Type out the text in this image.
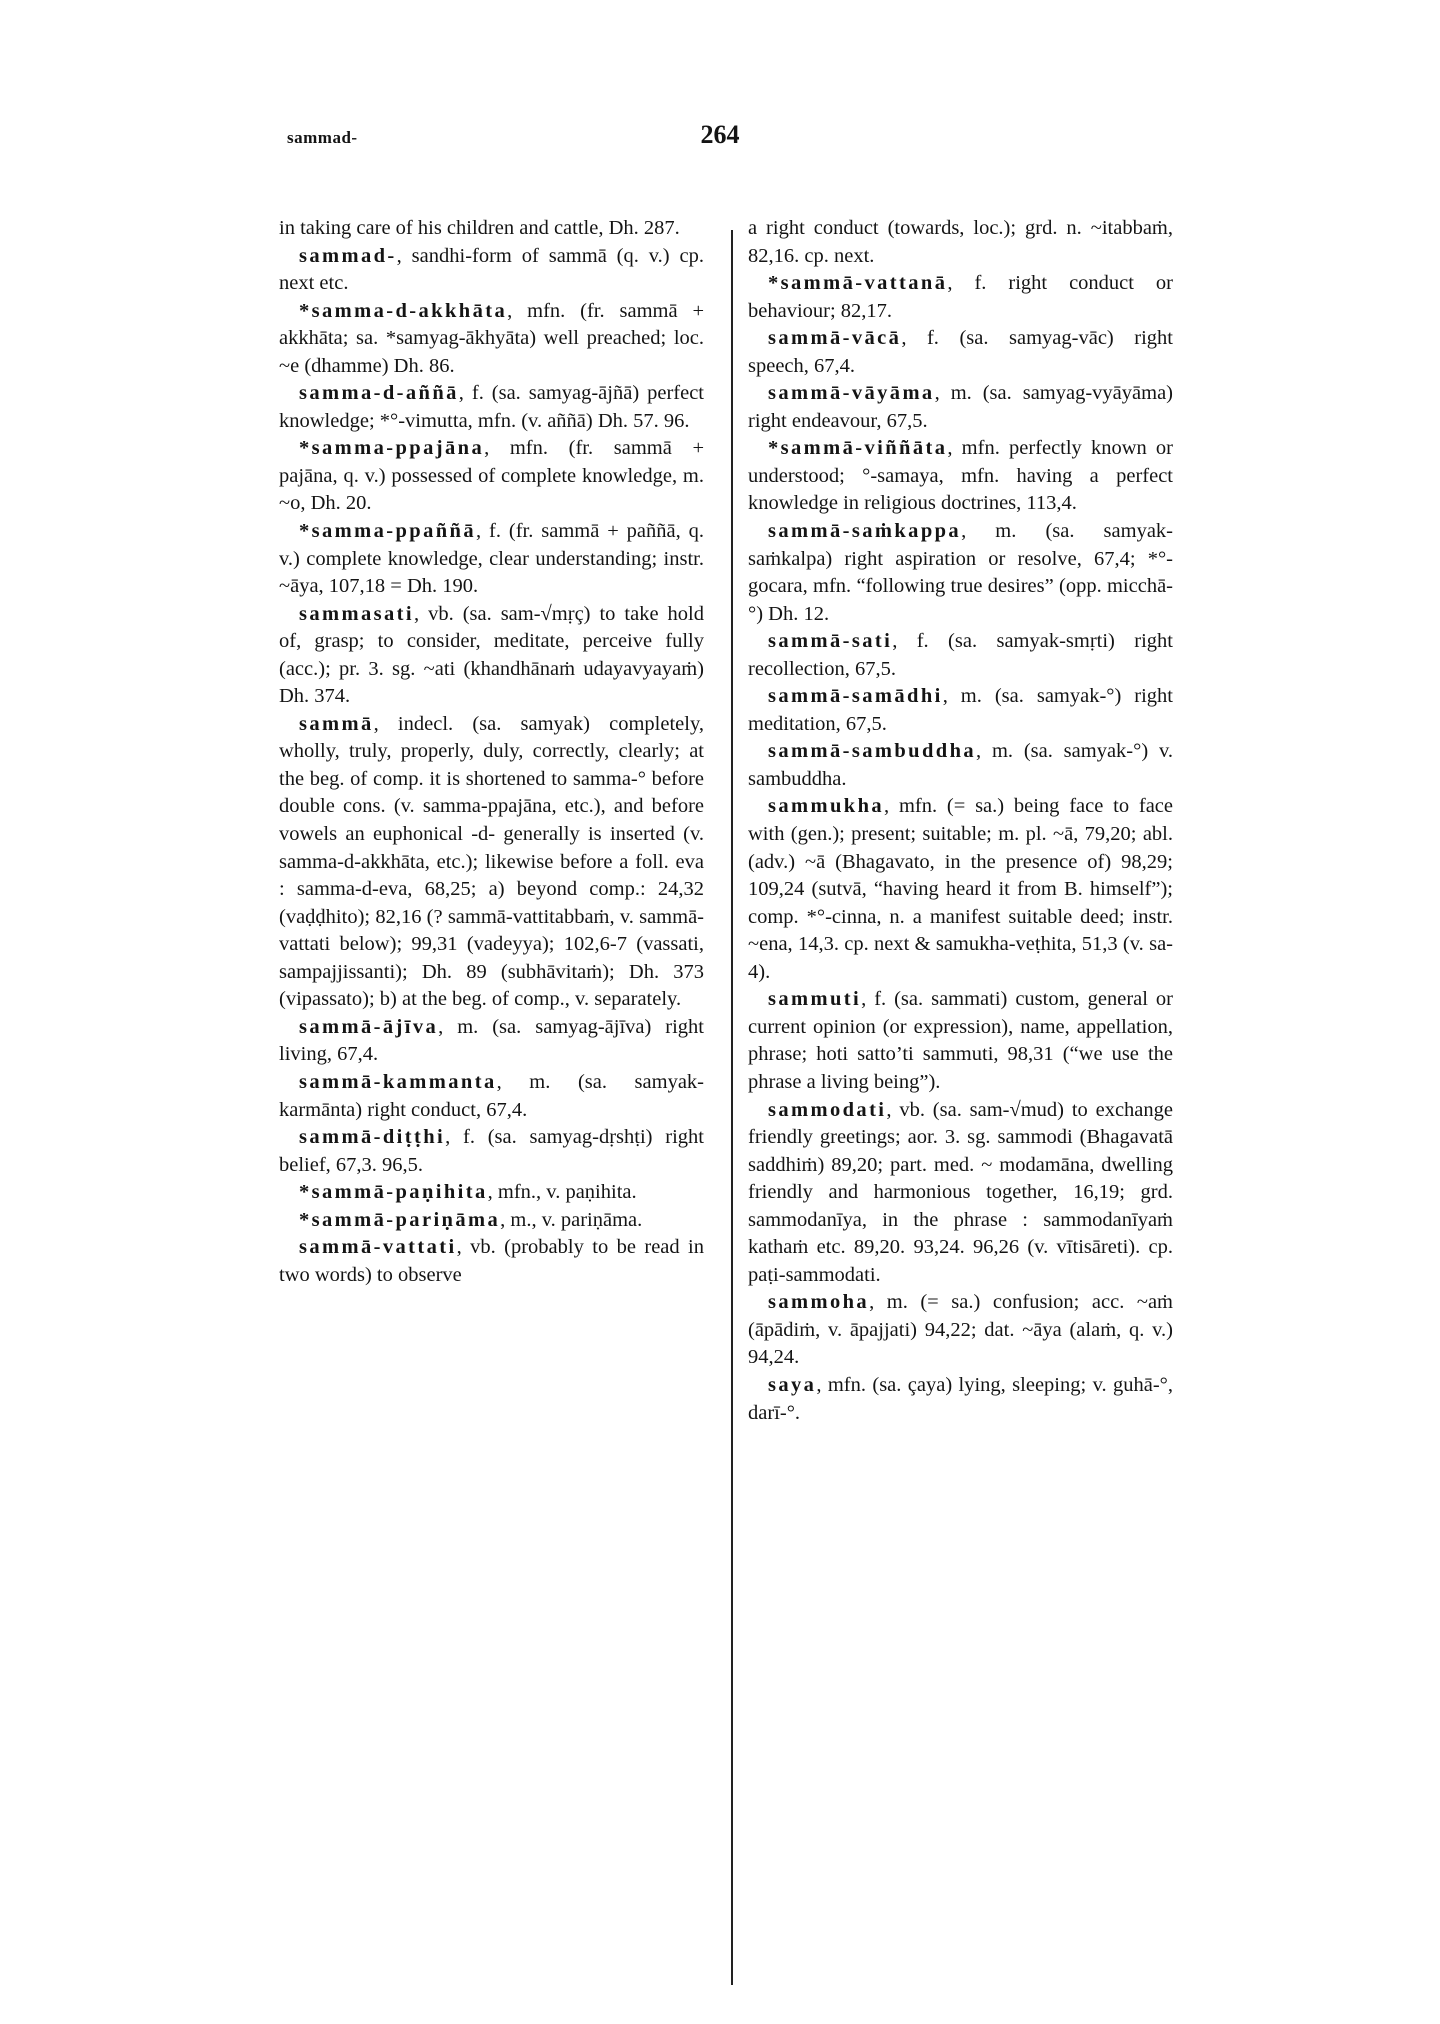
sammad-	264

in taking care of his children and cattle, Dh. 287.

sammad-, sandhi-form of sammā (q. v.) cp. next etc.

*samma-d-akkhāta, mfn. (fr. sammā + akkhāta; sa. *samyag-ākhyāta) well preached; loc. ~e (dhamme) Dh. 86.

samma-d-aññā, f. (sa. samyag-ājñā) perfect knowledge; *°-vimutta, mfn. (v. aññā) Dh. 57. 96.

*samma-ppajāna, mfn. (fr. sammā + pajāna, q. v.) possessed of complete knowledge, m. ~o, Dh. 20.

*samma-ppaññā, f. (fr. sammā + paññā, q. v.) complete knowledge, clear understanding; instr. ~āya, 107,18 = Dh. 190.

sammasati, vb. (sa. sam-√mṛç) to take hold of, grasp; to consider, meditate, perceive fully (acc.); pr. 3. sg. ~ati (khandhānaṁ udayavyayaṁ) Dh. 374.

sammā, indecl. (sa. samyak) completely, wholly, truly, properly, duly, correctly, clearly; at the beg. of comp. it is shortened to samma-° before double cons. (v. samma-ppajāna, etc.), and before vowels an euphonical -d- generally is inserted (v. samma-d-akkhāta, etc.); likewise before a foll. eva : samma-d-eva, 68,25; a) beyond comp.: 24,32 (vaḍḍhito); 82,16 (? sammā-vattitabbaṁ, v. sammā-vattati below); 99,31 (vadeyya); 102,6-7 (vassati, sampajjissanti); Dh. 89 (subhāvitaṁ); Dh. 373 (vipassato); b) at the beg. of comp., v. separately.

sammā-ājīva, m. (sa. samyag-ājīva) right living, 67,4.

sammā-kammanta, m. (sa. samyak-karmānta) right conduct, 67,4.

sammā-diṭṭhi, f. (sa. samyag-dṛshṭi) right belief, 67,3. 96,5.

*sammā-paṇihita, mfn., v. paṇihita.

*sammā-pariṇāma, m., v. pariṇāma.

sammā-vattati, vb. (probably to be read in two words) to observe

a right conduct (towards, loc.); grd. n. ~itabbaṁ, 82,16. cp. next.

*sammā-vattanā, f. right conduct or behaviour; 82,17.

sammā-vācā, f. (sa. samyag-vāc) right speech, 67,4.

sammā-vāyāma, m. (sa. samyag-vyāyāma) right endeavour, 67,5.

*sammā-viññāta, mfn. perfectly known or understood; °-samaya, mfn. having a perfect knowledge in religious doctrines, 113,4.

sammā-saṁkappa, m. (sa. samyak-saṁkalpa) right aspiration or resolve, 67,4; *°-gocara, mfn. “following true desires” (opp. micchā-°) Dh. 12.

sammā-sati, f. (sa. samyak-smṛti) right recollection, 67,5.

sammā-samādhi, m. (sa. samyak-°) right meditation, 67,5.

sammā-sambuddha, m. (sa. samyak-°) v. sambuddha.

sammukha, mfn. (= sa.) being face to face with (gen.); present; suitable; m. pl. ~ā, 79,20; abl. (adv.) ~ā (Bhagavato, in the presence of) 98,29; 109,24 (sutvā, “having heard it from B. himself”); comp. *°-cinna, n. a manifest suitable deed; instr. ~ena, 14,3. cp. next & samukha-veṭhita, 51,3 (v. sa-4).

sammuti, f. (sa. sammati) custom, general or current opinion (or expression), name, appellation, phrase; hoti satto’ti sammuti, 98,31 (“we use the phrase a living being”).

sammodati, vb. (sa. sam-√mud) to exchange friendly greetings; aor. 3. sg. sammodi (Bhagavatā saddhiṁ) 89,20; part. med. ~ modamāna, dwelling friendly and harmonious together, 16,19; grd. sammodanīya, in the phrase : sammodanīyaṁ kathaṁ etc. 89,20. 93,24. 96,26 (v. vītisāreti). cp. paṭi-sammodati.

sammoha, m. (= sa.) confusion; acc. ~aṁ (āpādiṁ, v. āpajjati) 94,22; dat. ~āya (alaṁ, q. v.) 94,24.

saya, mfn. (sa. çaya) lying, sleeping; v. guhā-°, darī-°.
